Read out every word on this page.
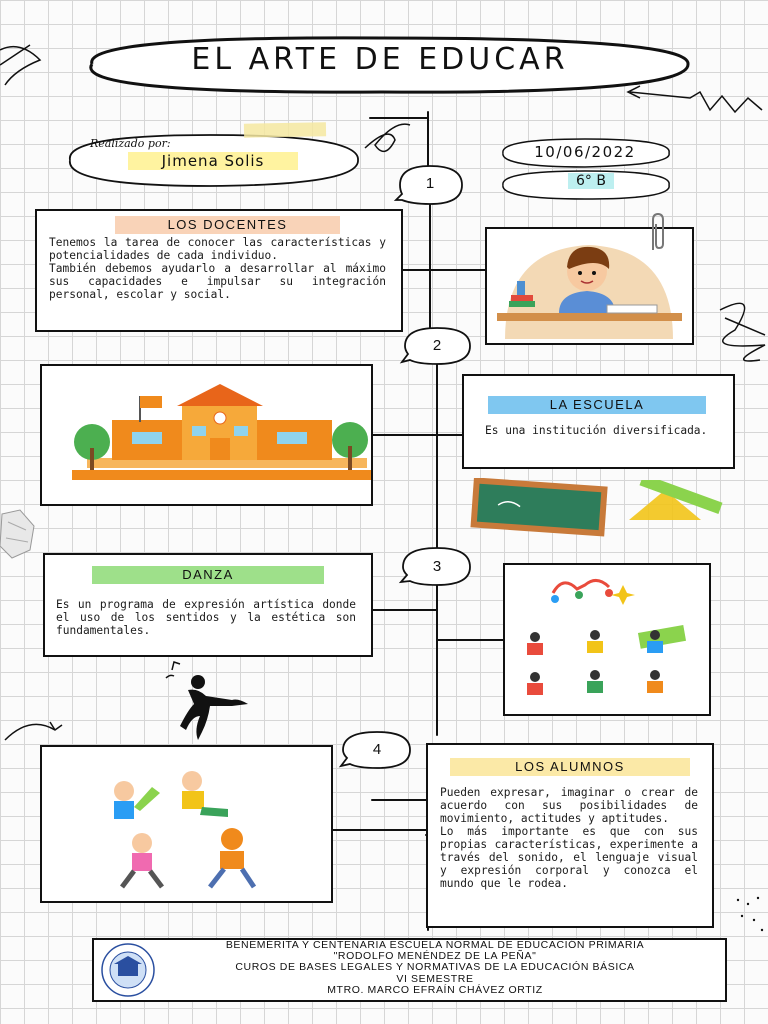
EL ARTE DE EDUCAR
Realizado por:
Jimena Solis	10/06/2022
6° B
1
2
3
4
LOS DOCENTES
Tenemos la tarea de conocer las características y potencialidades de cada individuo.
También debemos ayudarlo a desarrollar al máximo sus capacidades e impulsar su integración personal, escolar y social.
LA ESCUELA
Es una institución diversificada.
DANZA
Es un programa de expresión artística donde el uso de los sentidos y la estética son fundamentales.
LOS ALUMNOS
Pueden expresar, imaginar o crear de acuerdo con sus posibilidades de movimiento, actitudes y aptitudes.
Lo más importante es que con sus propias características, experimente a través del sonido, el lenguaje visual y expresión corporal y conozca el mundo que le rodea.
BENEMÉRITA Y CENTENARIA ESCUELA NORMAL DE EDUCACIÓN PRIMARIA
"RODOLFO MENÉNDEZ DE LA PEÑA"
CUROS DE BASES LEGALES Y NORMATIVAS DE LA EDUCACIÓN BÁSICA
VI SEMESTRE
MTRO. MARCO EFRAÍN CHÁVEZ ORTIZ
